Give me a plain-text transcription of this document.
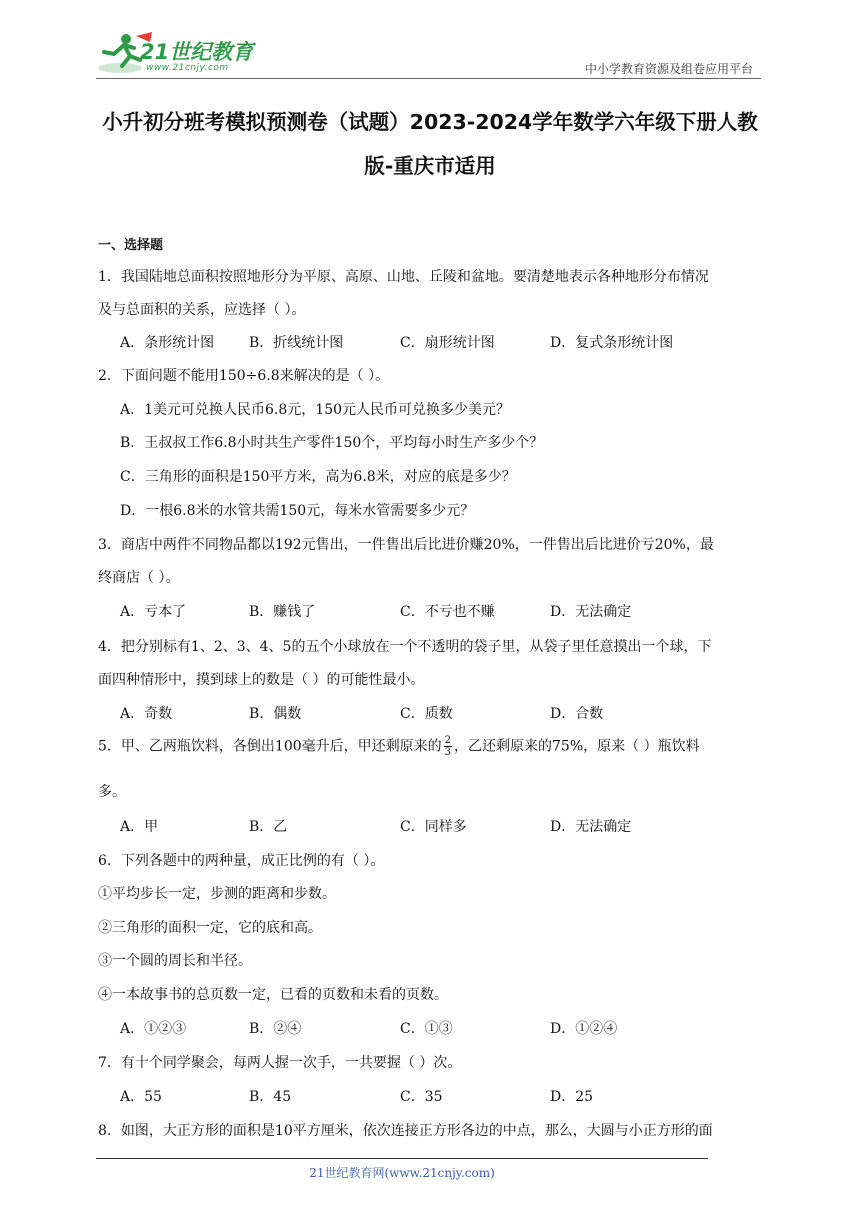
21世纪教育
www.21cnjy.com	中小学教育资源及组卷应用平台
小升初分班考模拟预测卷（试题）2023-2024学年数学六年级下册人教
版-重庆市适用
一、选择题
1．我国陆地总面积按照地形分为平原、高原、山地、丘陵和盆地。要清楚地表示各种地形分布情况
及与总面积的关系，应选择（ ）。
A．条形统计图 B．折线统计图	C．扇形统计图	D．复式条形统计图
2．下面问题不能用150÷6.8来解决的是（ ）。
A．1美元可兑换人民币6.8元，150元人民币可兑换多少美元？
B．王叔叔工作6.8小时共生产零件150个，平均每小时生产多少个？
C．三角形的面积是150平方米，高为6.8米，对应的底是多少？
D．一根6.8米的水管共需150元，每米水管需要多少元？
3．商店中两件不同物品都以192元售出，一件售出后比进价赚20%，一件售出后比进价亏20%，最
终商店（ ）。
A．亏本了	B．赚钱了	C．不亏也不赚	D．无法确定
4．把分别标有1、2、3、4、5的五个小球放在一个不透明的袋子里，从袋子里任意摸出一个球，下
面四种情形中，摸到球上的数是（ ）的可能性最小。
A．奇数	B．偶数	C．质数	D．合数
5．甲、乙两瓶饮料，各倒出100毫升后，甲还剩原来的 $\frac{2}{3}$ ，乙还剩原来的75%，原来（ ）瓶饮料
多。
A．甲	B．乙	C．同样多	D．无法确定
6．下列各题中的两种量，成正比例的有（ ）。
①平均步长一定，步测的距离和步数。
②三角形的面积一定，它的底和高。
③一个圆的周长和半径。
④一本故事书的总页数一定，已看的页数和未看的页数。
A．①②③	B．②④	C．①③	D．①②④
7．有十个同学聚会，每两人握一次手，一共要握（ ）次。
A．55	B．45	C．35	D．25
8．如图，大正方形的面积是10平方厘米，依次连接正方形各边的中点，那么，大圆与小正方形的面
21世纪教育网(www.21cnjy.com)
